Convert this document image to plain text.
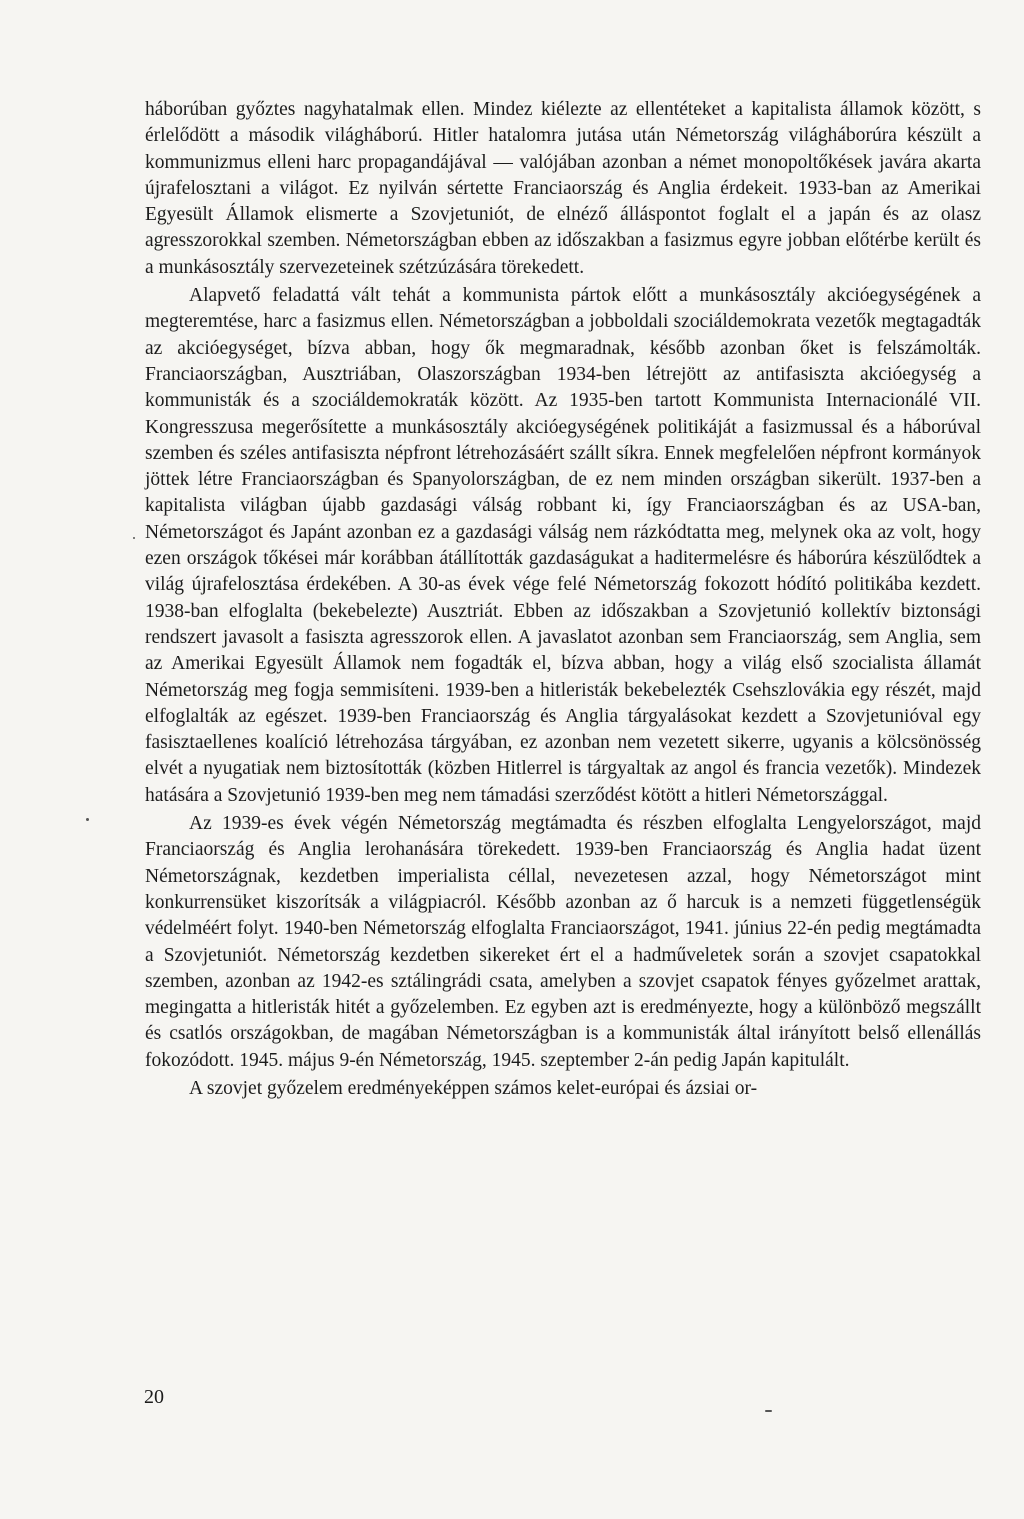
háborúban győztes nagyhatalmak ellen. Mindez kiélezte az ellentéteket a kapitalista államok között, s érlelődött a második világháború. Hitler hatalomra jutása után Németország világháborúra készült a kommunizmus elleni harc propagandájával — valójában azonban a német monopoltőkések javára akarta újrafelosztani a világot. Ez nyilván sértette Franciaország és Anglia érdekeit. 1933-ban az Amerikai Egyesült Államok elismerte a Szovjetuniót, de elnéző álláspontot foglalt el a japán és az olasz agresszorokkal szemben. Németországban ebben az időszakban a fasizmus egyre jobban előtérbe került és a munkásosztály szervezeteinek szétzúzására törekedett.

Alapvető feladattá vált tehát a kommunista pártok előtt a munkásosztály akcióegységének a megteremtése, harc a fasizmus ellen. Németországban a jobboldali szociáldemokrata vezetők megtagadták az akcióegységet, bízva abban, hogy ők megmaradnak, később azonban őket is felszámolták. Franciaországban, Ausztriában, Olaszországban 1934-ben létrejött az antifasiszta akcióegység a kommunisták és a szociáldemokraták között. Az 1935-ben tartott Kommunista Internacionálé VII. Kongresszusa megerősítette a munkásosztály akcióegységének politikáját a fasizmussal és a háborúval szemben és széles antifasiszta népfront létrehozásáért szállt síkra. Ennek megfelelően népfront kormányok jöttek létre Franciaországban és Spanyolországban, de ez nem minden országban sikerült. 1937-ben a kapitalista világban újabb gazdasági válság robbant ki, így Franciaországban és az USA-ban, Németországot és Japánt azonban ez a gazdasági válság nem rázkódtatta meg, melynek oka az volt, hogy ezen országok tőkései már korábban átállították gazdaságukat a haditermelésre és háborúra készülődtek a világ újrafelosztása érdekében. A 30-as évek vége felé Németország fokozott hódító politikába kezdett. 1938-ban elfoglalta (bekebelezte) Ausztriát. Ebben az időszakban a Szovjetunió kollektív biztonsági rendszert javasolt a fasiszta agresszorok ellen. A javaslatot azonban sem Franciaország, sem Anglia, sem az Amerikai Egyesült Államok nem fogadták el, bízva abban, hogy a világ első szocialista államát Németország meg fogja semmisíteni. 1939-ben a hitleristák bekebelezték Csehszlovákia egy részét, majd elfoglalták az egészet. 1939-ben Franciaország és Anglia tárgyalásokat kezdett a Szovjetunióval egy fasisztaellenes koalíció létrehozása tárgyában, ez azonban nem vezetett sikerre, ugyanis a kölcsönösség elvét a nyugatiak nem biztosították (közben Hitlerrel is tárgyaltak az angol és francia vezetők). Mindezek hatására a Szovjetunió 1939-ben meg nem támadási szerződést kötött a hitleri Németországgal.

Az 1939-es évek végén Németország megtámadta és részben elfoglalta Lengyelországot, majd Franciaország és Anglia lerohanására törekedett. 1939-ben Franciaország és Anglia hadat üzent Németországnak, kezdetben imperialista céllal, nevezetesen azzal, hogy Németországot mint konkurrensüket kiszorítsák a világpiacról. Később azonban az ő harcuk is a nemzeti függetlenségük védelméért folyt. 1940-ben Németország elfoglalta Franciaországot, 1941. június 22-én pedig megtámadta a Szovjetuniót. Németország kezdetben sikereket ért el a hadműveletek során a szovjet csapatokkal szemben, azonban az 1942-es sztálingrádi csata, amelyben a szovjet csapatok fényes győzelmet arattak, megingatta a hitleristák hitét a győzelemben. Ez egyben azt is eredményezte, hogy a különböző megszállt és csatlós országokban, de magában Németországban is a kommunisták által irányított belső ellenállás fokozódott. 1945. május 9-én Németország, 1945. szeptember 2-án pedig Japán kapitulált.

A szovjet győzelem eredményeképpen számos kelet-európai és ázsiai or-

20
